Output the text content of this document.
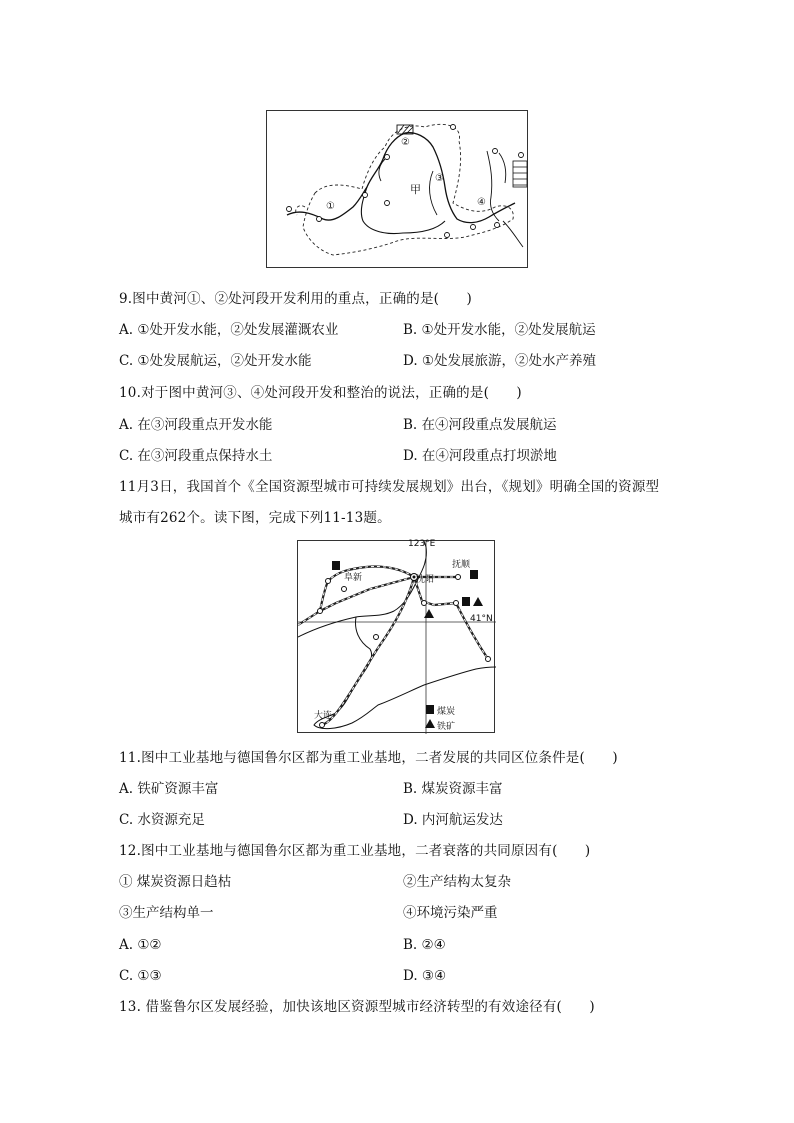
甲
①
②
③
④
9.图中黄河①、②处河段开发利用的重点，正确的是(　　)
A. ①处开发水能，②处发展灌溉农业	B. ①处开发水能，②处发展航运
C. ①处发展航运，②处开发水能	D. ①处发展旅游，②处水产养殖
10.对于图中黄河③、④处河段开发和整治的说法，正确的是(　　)
A. 在③河段重点开发水能	B. 在④河段重点发展航运
C. 在③河段重点保持水土	D. 在④河段重点打坝淤地
11月3日，我国首个《全国资源型城市可持续发展规划》出台，《规划》明确全国的资源型
城市有262个。读下图，完成下列11-13题。
123°E
41°N
阜新	沈阳
抚顺
大连	煤炭
铁矿
11.图中工业基地与德国鲁尔区都为重工业基地，二者发展的共同区位条件是(　　)
A. 铁矿资源丰富	B. 煤炭资源丰富
C. 水资源充足	D. 内河航运发达
12.图中工业基地与德国鲁尔区都为重工业基地，二者衰落的共同原因有(　　)
① 煤炭资源日趋枯	②生产结构太复杂
③生产结构单一	④环境污染严重
A. ①②	B. ②④
C. ①③	D. ③④
13. 借鉴鲁尔区发展经验，加快该地区资源型城市经济转型的有效途径有(　　)
